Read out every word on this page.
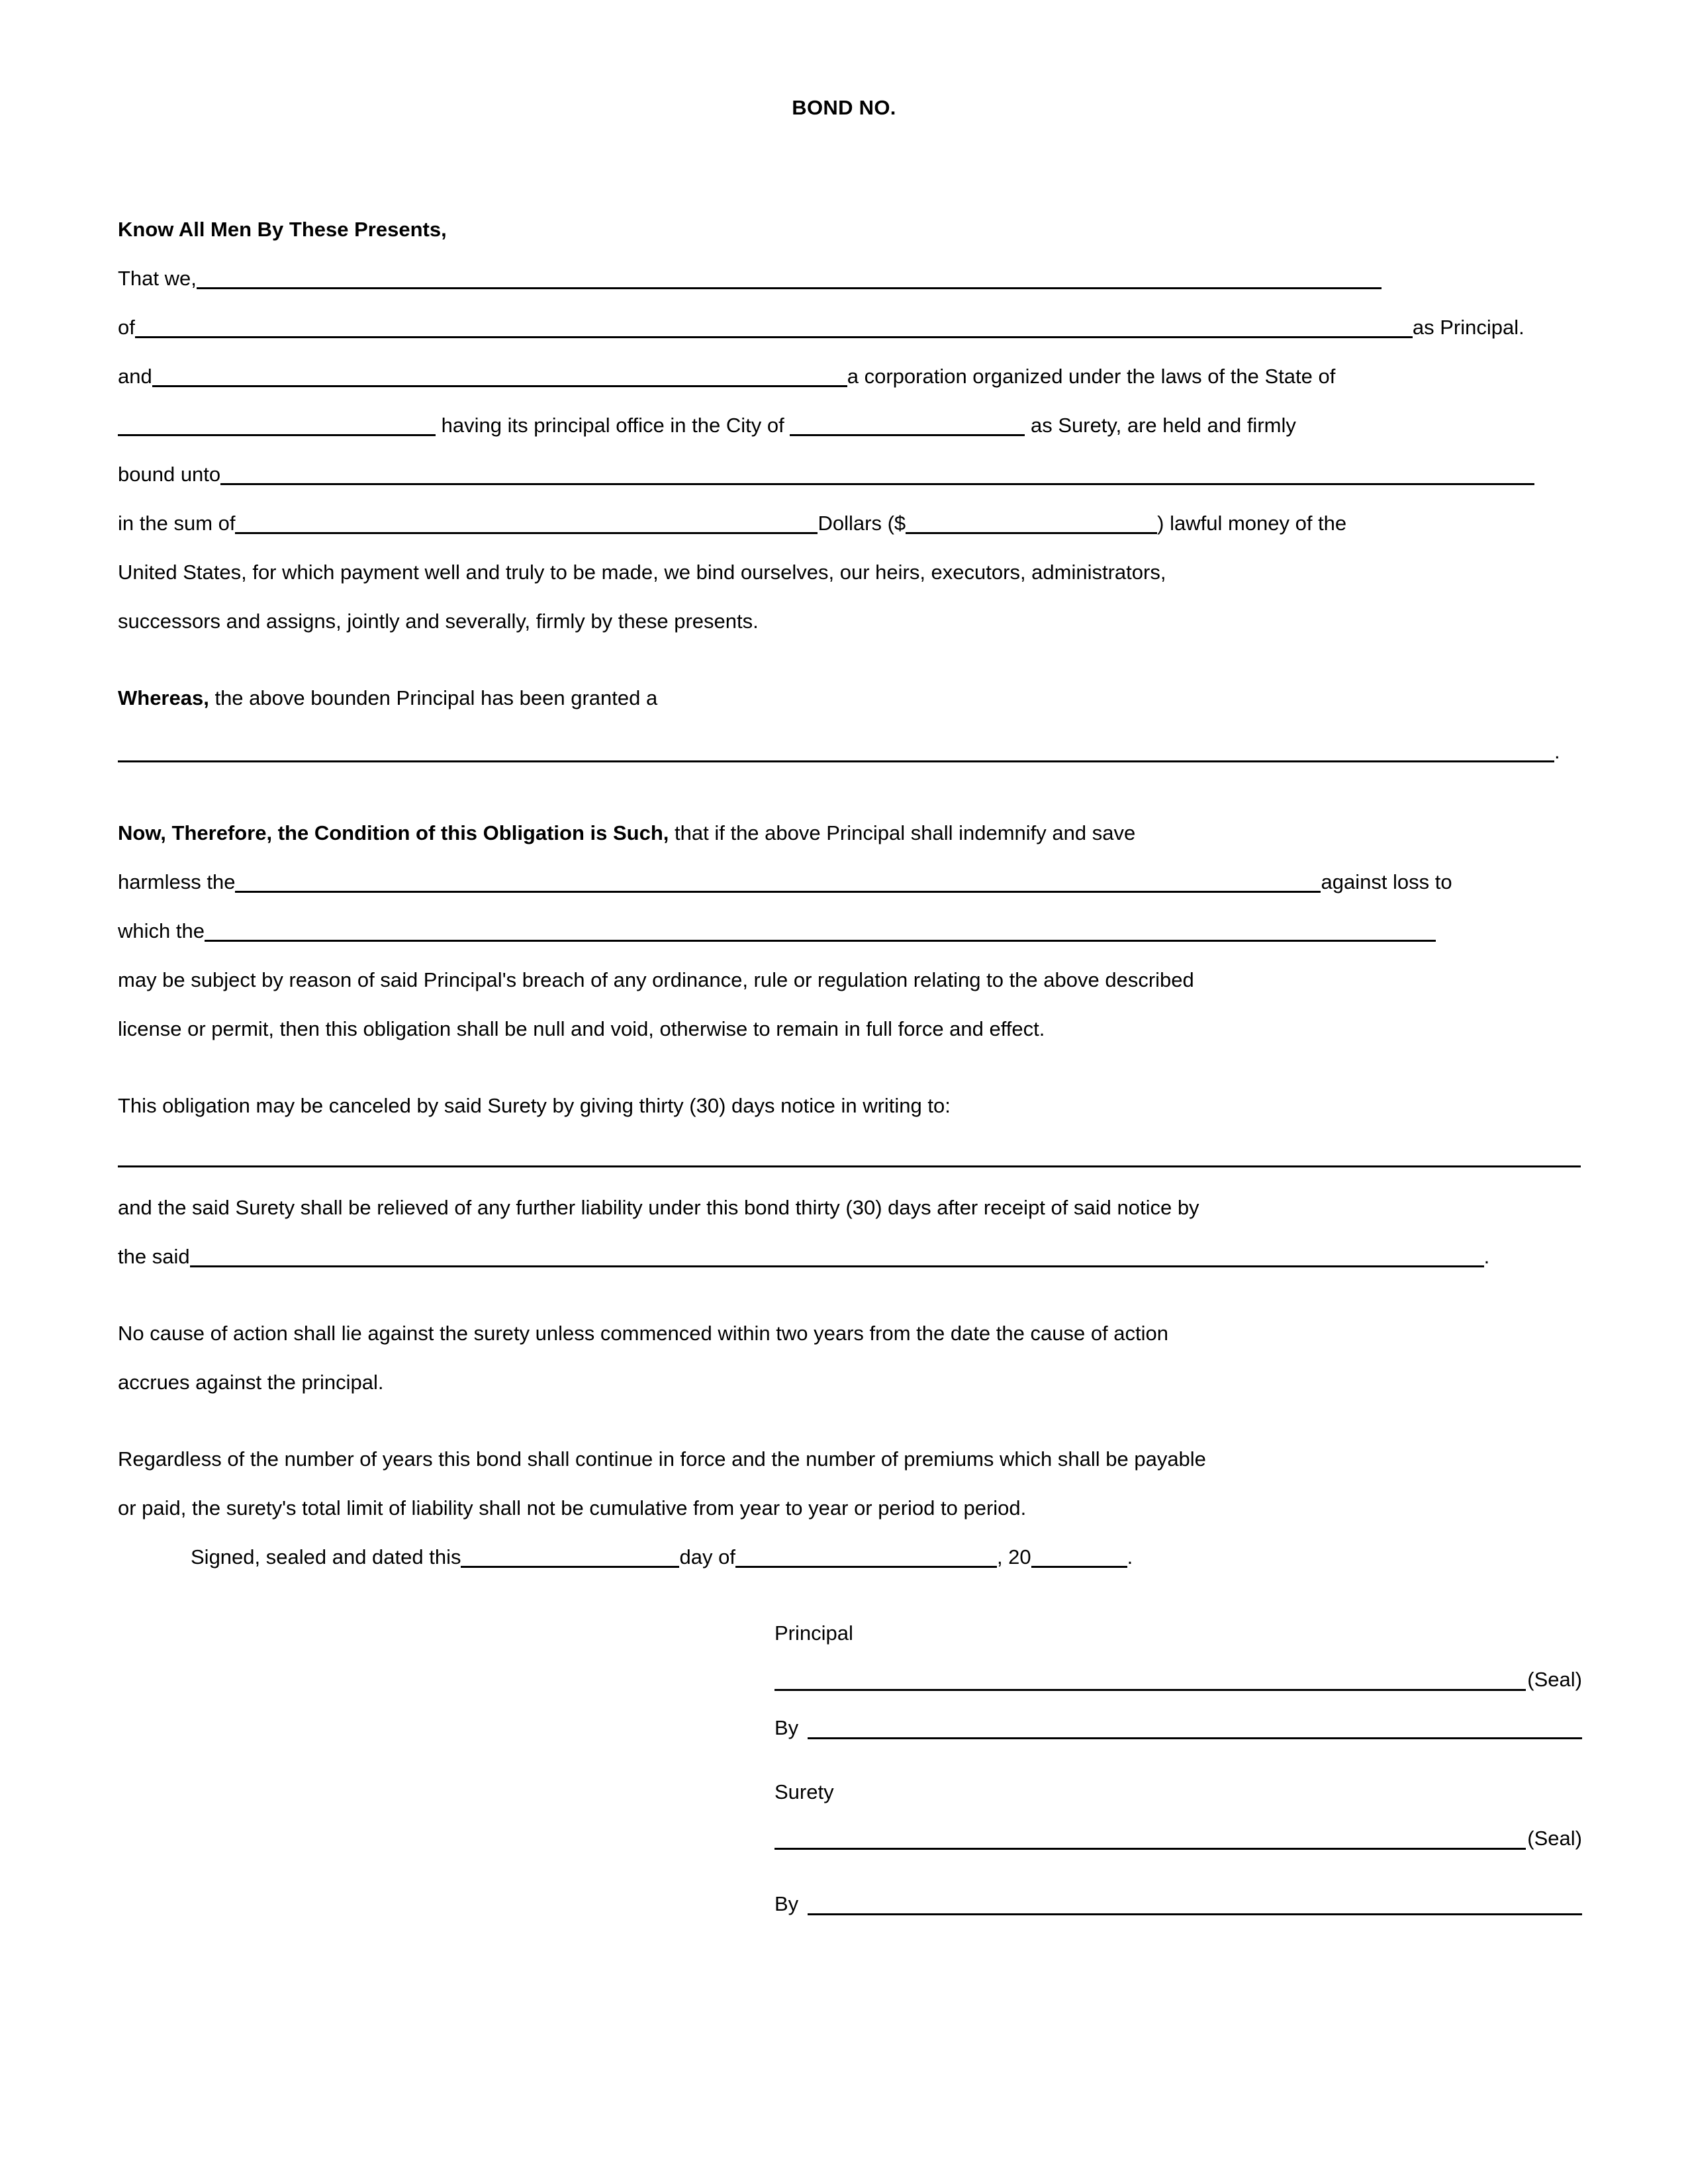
BOND NO.
Know All Men By These Presents,
That we,
of	as Principal.
and	a corporation organized under the laws of the State of
having its principal office in the City of	as Surety, are held and firmly
bound unto
in the sum of	Dollars ($	) lawful money of the
United States, for which payment well and truly to be made, we bind ourselves, our heirs, executors, administrators,
successors and assigns, jointly and severally, firmly by these presents.
Whereas, the above bounden Principal has been granted a
.
Now, Therefore, the Condition of this Obligation is Such, that if the above Principal shall indemnify and save
harmless the	against loss to
which the
may be subject by reason of said Principal's breach of any ordinance, rule or regulation relating to the above described
license or permit, then this obligation shall be null and void, otherwise to remain in full force and effect.
This obligation may be canceled by said Surety by giving thirty (30) days notice in writing to:
and the said Surety shall be relieved of any further liability under this bond thirty (30) days after receipt of said notice by
the said	.
No cause of action shall lie against the surety unless commenced within two years from the date the cause of action
accrues against the principal.
Regardless of the number of years this bond shall continue in force and the number of premiums which shall be payable
or paid, the surety's total limit of liability shall not be cumulative from year to year or period to period.
Signed, sealed and dated this	day of	, 20	.
Principal
(Seal)
By
Surety
(Seal)
By
